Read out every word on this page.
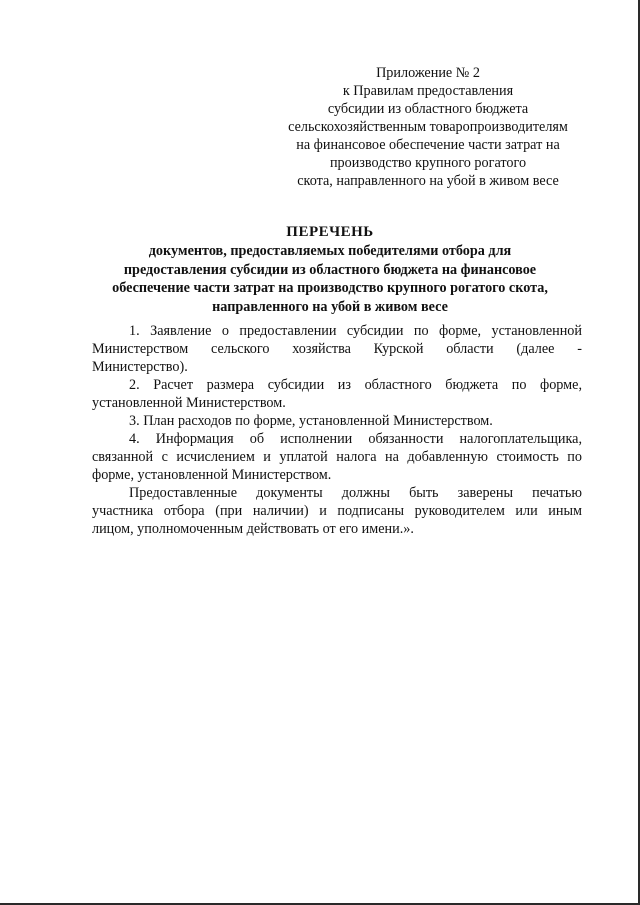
Приложение № 2
к Правилам предоставления
субсидии из областного бюджета
сельскохозяйственным товаропроизводителям
на финансовое обеспечение части затрат на
производство крупного рогатого
скота, направленного на убой в живом весе
ПЕРЕЧЕНЬ
документов, предоставляемых победителями отбора для
предоставления субсидии из областного бюджета на финансовое
обеспечение части затрат на производство крупного рогатого скота,
направленного на убой в живом весе
1. Заявление о предоставлении субсидии по форме, установленной
Министерством сельского хозяйства Курской области (далее -
Министерство).
2. Расчет размера субсидии из областного бюджета по форме,
установленной Министерством.
3. План расходов по форме, установленной Министерством.
4. Информация об исполнении обязанности налогоплательщика,
связанной с исчислением и уплатой налога на добавленную стоимость по
форме, установленной Министерством.
Предоставленные документы должны быть заверены печатью
участника отбора (при наличии) и подписаны руководителем или иным
лицом, уполномоченным действовать от его имени.».
